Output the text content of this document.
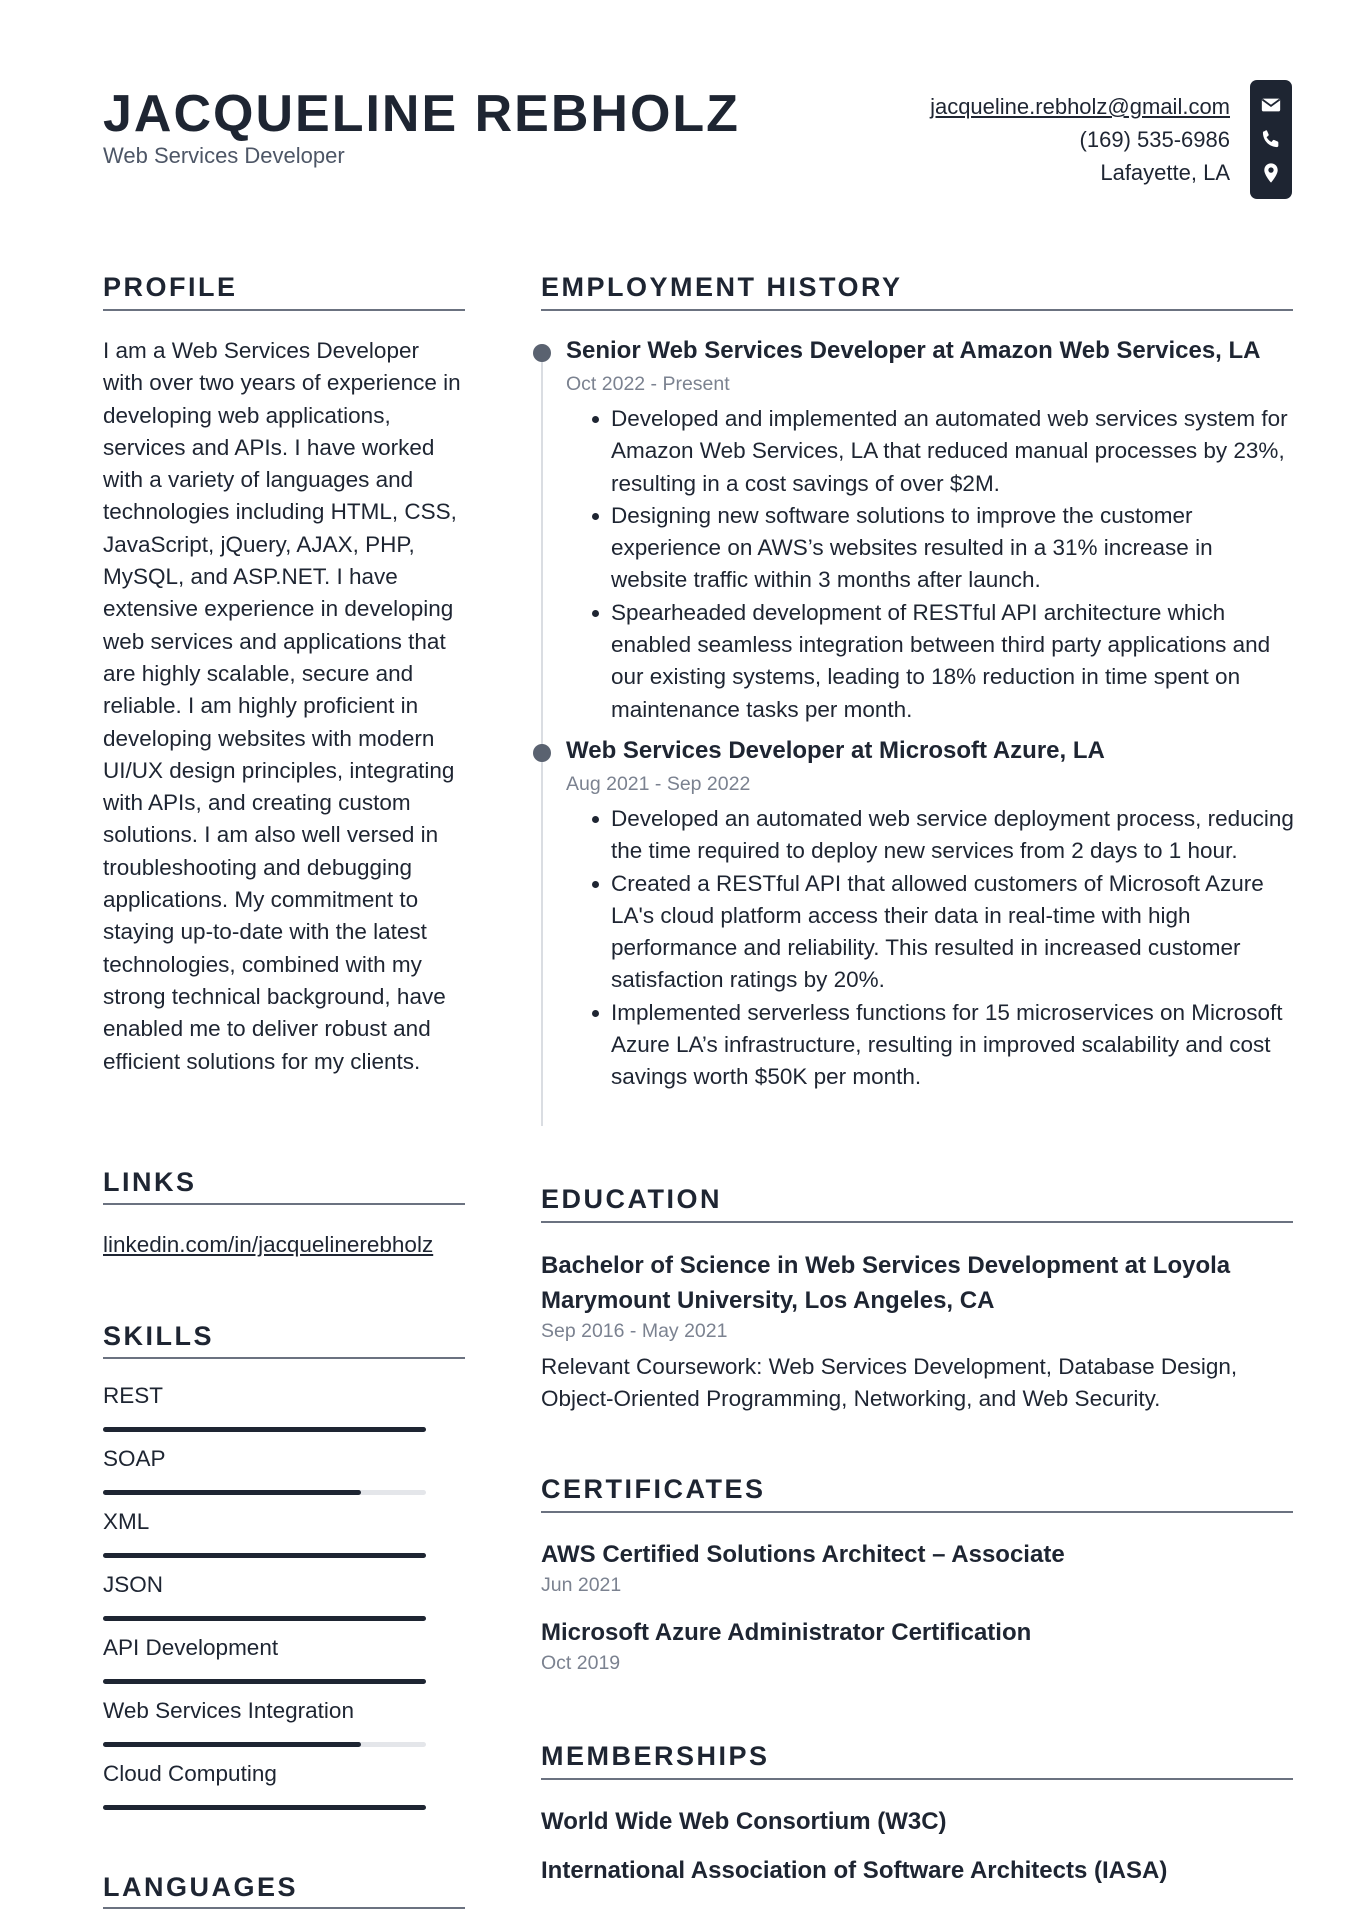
JACQUELINE REBHOLZ
Web Services Developer
jacqueline.rebholz@gmail.com
(169) 535-6986
Lafayette, LA
PROFILE
I am a Web Services Developer with over two years of experience in developing web applications, services and APIs. I have worked with a variety of languages and technologies including HTML, CSS, JavaScript, jQuery, AJAX, PHP, MySQL, and ASP.NET. I have extensive experience in developing web services and applications that are highly scalable, secure and reliable. I am highly proficient in developing websites with modern UI/UX design principles, integrating with APIs, and creating custom solutions. I am also well versed in troubleshooting and debugging applications. My commitment to staying up-to-date with the latest technologies, combined with my strong technical background, have enabled me to deliver robust and efficient solutions for my clients.
LINKS
linkedin.com/in/jacquelinerebholz
SKILLS
REST
SOAP
XML
JSON
API Development
Web Services Integration
Cloud Computing
LANGUAGES
EMPLOYMENT HISTORY
Senior Web Services Developer at Amazon Web Services, LA
Oct 2022 - Present
Developed and implemented an automated web services system for Amazon Web Services, LA that reduced manual processes by 23%, resulting in a cost savings of over $2M.
Designing new software solutions to improve the customer experience on AWS’s websites resulted in a 31% increase in website traffic within 3 months after launch.
Spearheaded development of RESTful API architecture which enabled seamless integration between third party applications and our existing systems, leading to 18% reduction in time spent on maintenance tasks per month.
Web Services Developer at Microsoft Azure, LA
Aug 2021 - Sep 2022
Developed an automated web service deployment process, reducing the time required to deploy new services from 2 days to 1 hour.
Created a RESTful API that allowed customers of Microsoft Azure LA's cloud platform access their data in real-time with high performance and reliability. This resulted in increased customer satisfaction ratings by 20%.
Implemented serverless functions for 15 microservices on Microsoft Azure LA’s infrastructure, resulting in improved scalability and cost savings worth $50K per month.
EDUCATION
Bachelor of Science in Web Services Development at Loyola Marymount University, Los Angeles, CA
Sep 2016 - May 2021
Relevant Coursework: Web Services Development, Database Design, Object-Oriented Programming, Networking, and Web Security.
CERTIFICATES
AWS Certified Solutions Architect – Associate
Jun 2021
Microsoft Azure Administrator Certification
Oct 2019
MEMBERSHIPS
World Wide Web Consortium (W3C)
International Association of Software Architects (IASA)
